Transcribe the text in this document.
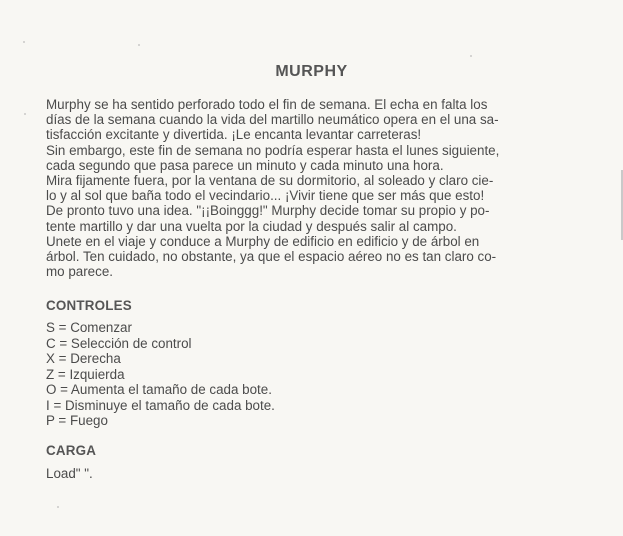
MURPHY
Murphy se ha sentido perforado todo el fin de semana. El echa en falta los
días de la semana cuando la vida del martillo neumático opera en el una sa-
tisfacción excitante y divertida. ¡Le encanta levantar carreteras!
Sin embargo, este fin de semana no podría esperar hasta el lunes siguiente,
cada segundo que pasa parece un minuto y cada minuto una hora.
Mira fijamente fuera, por la ventana de su dormitorio, al soleado y claro cie-
lo y al sol que baña todo el vecindario... ¡Vivir tiene que ser más que esto!
De pronto tuvo una idea. "¡¡Boinggg!" Murphy decide tomar su propio y po-
tente martillo y dar una vuelta por la ciudad y después salir al campo.
Unete en el viaje y conduce a Murphy de edificio en edificio y de árbol en
árbol. Ten cuidado, no obstante, ya que el espacio aéreo no es tan claro co-
mo parece.
CONTROLES
S = Comenzar
C = Selección de control
X = Derecha
Z = Izquierda
O = Aumenta el tamaño de cada bote.
I = Disminuye el tamaño de cada bote.
P = Fuego
CARGA
Load" ".
